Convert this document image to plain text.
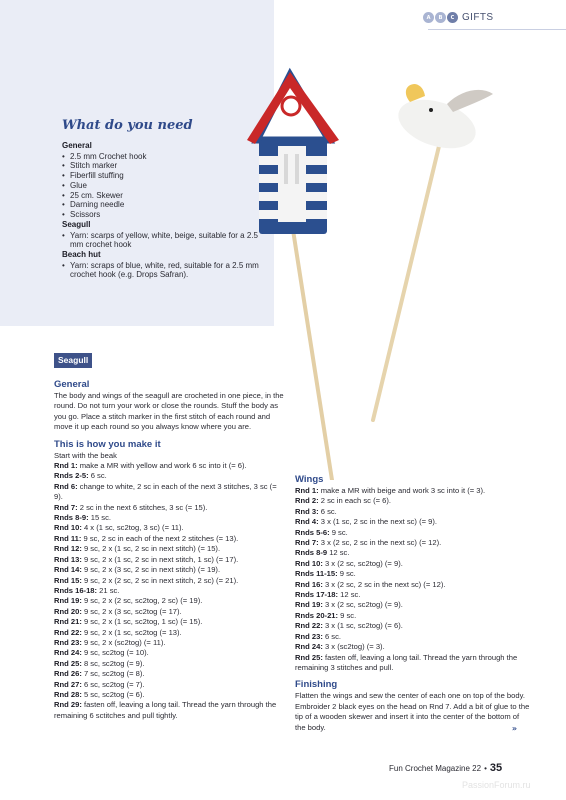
A	B	C GIFTS
What do you need
General
• 2.5 mm Crochet hook
• Stitch marker
• Fiberfill stuffing
• Glue
• 25 cm. Skewer
• Darning needle
• Scissors
Seagull
• Yarn: scarps of yellow, white, beige, suitable for a 2.5 mm crochet hook
Beach hut
• Yarn: scraps of blue, white, red, suitable for a 2.5 mm crochet hook (e.g. Drops Safran).
Seagull
General
The body and wings of the seagull are crocheted in one piece, in the round. Do not turn your work or close the rounds. Stuff the body as you go. Place a stitch marker in the first stitch of each round and move it up each round so you always know where you are.
This is how you make it
Start with the beak
Rnd 1: make a MR with yellow and work 6 sc into it (= 6).
Rnds 2-5: 6 sc.
Rnd 6: change to white, 2 sc in each of the next 3 stitches, 3 sc (= 9).
Rnd 7: 2 sc in the next 6 stitches, 3 sc (= 15).
Rnds 8-9: 15 sc.
Rnd 10: 4 x (1 sc, sc2tog, 3 sc) (= 11).
Rnd 11: 9 sc, 2 sc in each of the next 2 stitches (= 13).
Rnd 12: 9 sc, 2 x (1 sc, 2 sc in next stitch) (= 15).
Rnd 13: 9 sc, 2 x (1 sc, 2 sc in next stitch, 1 sc) (= 17).
Rnd 14: 9 sc, 2 x (3 sc, 2 sc in next stitch) (= 19).
Rnd 15: 9 sc, 2 x (2 sc, 2 sc in next stitch, 2 sc) (= 21).
Rnds 16-18: 21 sc.
Rnd 19: 9 sc, 2 x (2 sc, sc2tog, 2 sc) (= 19).
Rnd 20: 9 sc, 2 x (3 sc, sc2tog (= 17).
Rnd 21: 9 sc, 2 x (1 sc, sc2tog, 1 sc) (= 15).
Rnd 22: 9 sc, 2 x (1 sc, sc2tog (= 13).
Rnd 23: 9 sc, 2 x (sc2tog) (= 11).
Rnd 24: 9 sc, sc2tog (= 10).
Rnd 25: 8 sc, sc2tog (= 9).
Rnd 26: 7 sc, sc2tog (= 8).
Rnd 27: 6 sc, sc2tog (= 7).
Rnd 28: 5 sc, sc2tog (= 6).
Rnd 29: fasten off, leaving a long tail. Thread the yarn through the remaining 6 sctitches and pull tightly.
Wings
Rnd 1: make a MR with beige and work 3 sc into it (= 3).
Rnd 2: 2 sc in each sc (= 6).
Rnd 3: 6 sc.
Rnd 4: 3 x (1 sc, 2 sc in the next sc) (= 9).
Rnds 5-6: 9 sc.
Rnd 7: 3 x (2 sc, 2 sc in the next sc) (= 12).
Rnds 8-9 12 sc.
Rnd 10: 3 x (2 sc, sc2tog) (= 9).
Rnds 11-15: 9 sc.
Rnd 16: 3 x (2 sc, 2 sc in the next sc) (= 12).
Rnds 17-18: 12 sc.
Rnd 19: 3 x (2 sc, sc2tog) (= 9).
Rnds 20-21: 9 sc.
Rnd 22: 3 x (1 sc, sc2tog) (= 6).
Rnd 23: 6 sc.
Rnd 24: 3 x (sc2tog) (= 3).
Rnd 25: fasten off, leaving a long tail. Thread the yarn through the remaining 3 stitches and pull.
Finishing
Flatten the wings and sew the center of each one on top of the body. Embroider 2 black eyes on the head on Rnd 7. Add a bit of glue to the tip of a wooden skewer and insert it into the center of the bottom of the body.	»
Fun Crochet Magazine 22 • 35
PassionForum.ru
